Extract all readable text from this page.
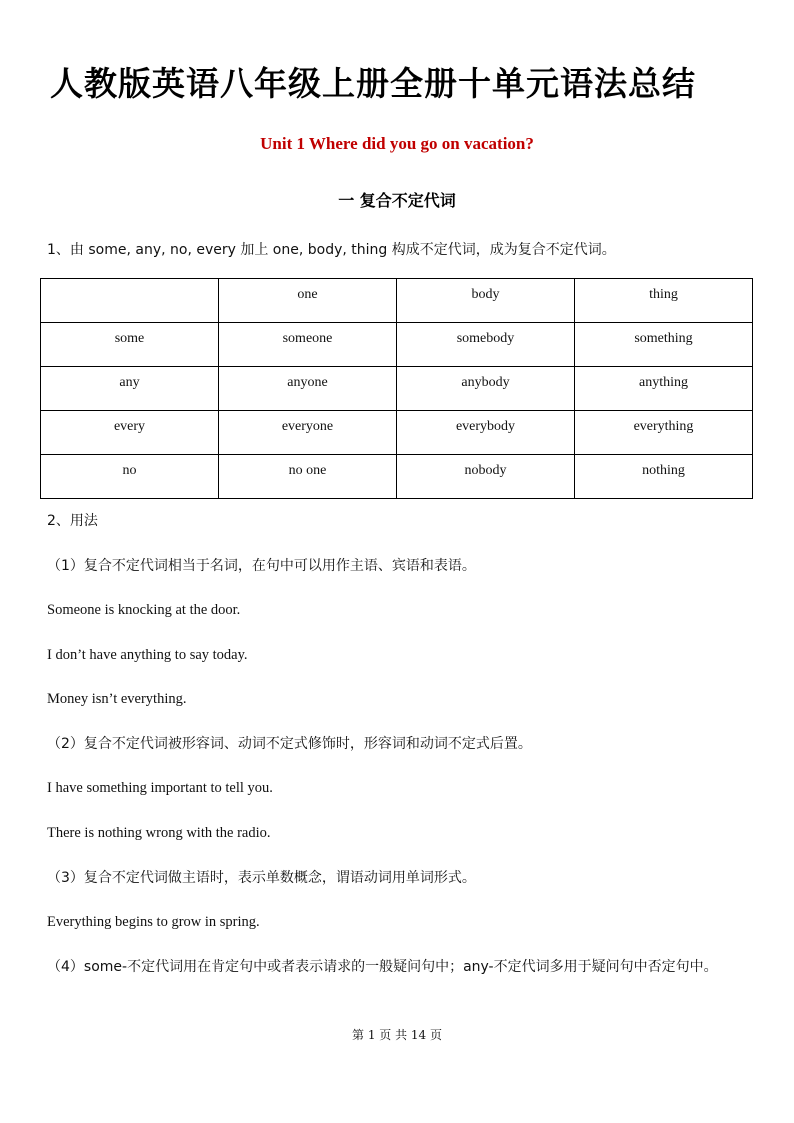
人教版英语八年级上册全册十单元语法总结
Unit 1 Where did you go on vacation?
一 复合不定代词
1、由 some, any, no, every 加上 one, body, thing 构成不定代词，成为复合不定代词。
	one	body	thing
some	someone	somebody	something
any	anyone	anybody	anything
every	everyone	everybody	everything
no	no one	nobody	nothing
2、用法
（1）复合不定代词相当于名词，在句中可以用作主语、宾语和表语。
Someone is knocking at the door.
I don’t have anything to say today.
Money isn’t everything.
（2）复合不定代词被形容词、动词不定式修饰时，形容词和动词不定式后置。
I have something important to tell you.
There is nothing wrong with the radio.
（3）复合不定代词做主语时，表示单数概念，谓语动词用单词形式。
Everything begins to grow in spring.
（4）some-不定代词用在肯定句中或者表示请求的一般疑问句中；any-不定代词多用于疑问句中否定句中。
第 1 页 共 14 页
